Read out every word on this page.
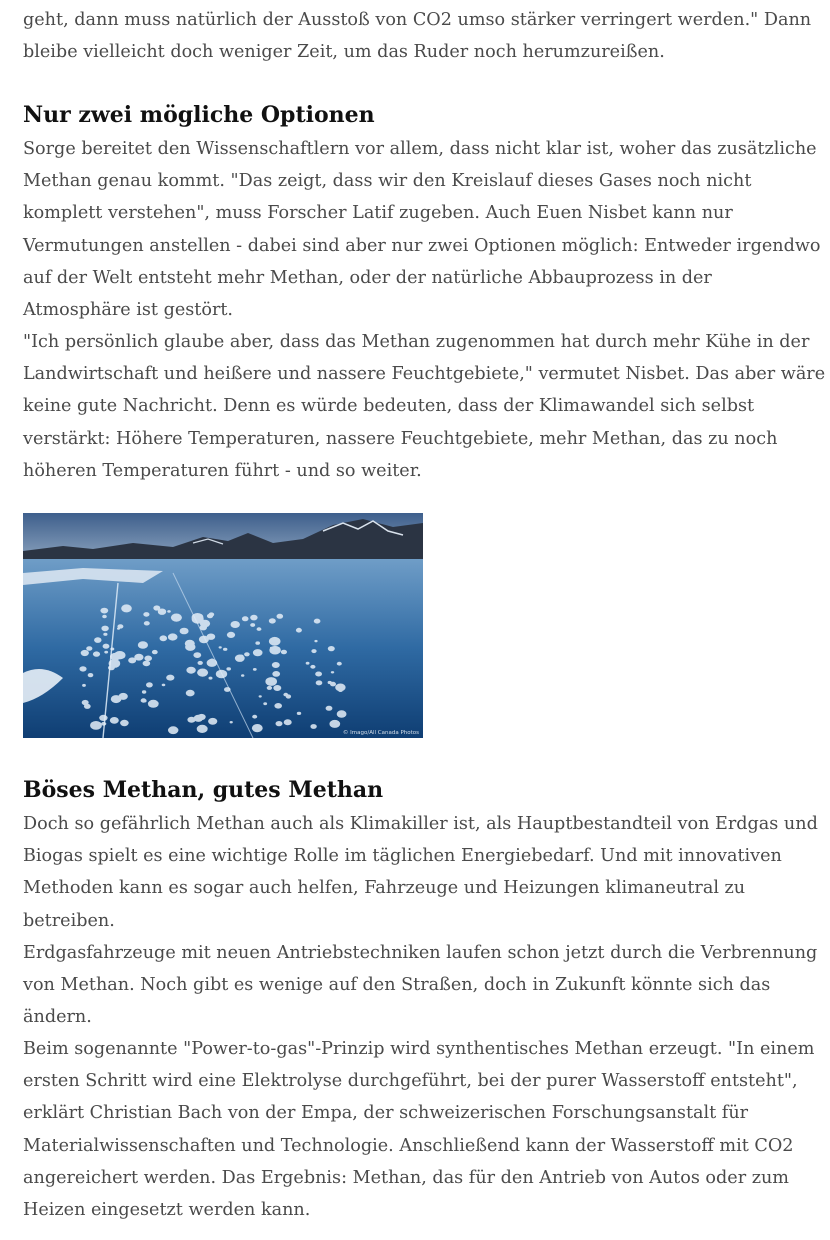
geht, dann muss natürlich der Ausstoß von CO2 umso stärker verringert werden." Dann
bleibe vielleicht doch weniger Zeit, um das Ruder noch herumzureißen.

Nur zwei mögliche Optionen

Sorge bereitet den Wissenschaftlern vor allem, dass nicht klar ist, woher das zusätzliche
Methan genau kommt. "Das zeigt, dass wir den Kreislauf dieses Gases noch nicht
komplett verstehen", muss Forscher Latif zugeben. Auch Euen Nisbet kann nur
Vermutungen anstellen - dabei sind aber nur zwei Optionen möglich: Entweder irgendwo
auf der Welt entsteht mehr Methan, oder der natürliche Abbauprozess in der
Atmosphäre ist gestört.

"Ich persönlich glaube aber, dass das Methan zugenommen hat durch mehr Kühe in der
Landwirtschaft und heißere und nassere Feuchtgebiete," vermutet Nisbet. Das aber wäre
keine gute Nachricht. Denn es würde bedeuten, dass der Klimawandel sich selbst
verstärkt: Höhere Temperaturen, nassere Feuchtgebiete, mehr Methan, das zu noch
höheren Temperaturen führt - und so weiter.

© Imago/All Canada Photos
Böses Methan, gutes Methan

Doch so gefährlich Methan auch als Klimakiller ist, als Hauptbestandteil von Erdgas und
Biogas spielt es eine wichtige Rolle im täglichen Energiebedarf. Und mit innovativen
Methoden kann es sogar auch helfen, Fahrzeuge und Heizungen klimaneutral zu
betreiben.

Erdgasfahrzeuge mit neuen Antriebstechniken laufen schon jetzt durch die Verbrennung
von Methan. Noch gibt es wenige auf den Straßen, doch in Zukunft könnte sich das
ändern.

Beim sogenannte "Power-to-gas"-Prinzip wird synthentisches Methan erzeugt. "In einem
ersten Schritt wird eine Elektrolyse durchgeführt, bei der purer Wasserstoff entsteht",
erklärt Christian Bach von der Empa, der schweizerischen Forschungsanstalt für
Materialwissenschaften und Technologie. Anschließend kann der Wasserstoff mit CO2
angereichert werden. Das Ergebnis: Methan, das für den Antrieb von Autos oder zum
Heizen eingesetzt werden kann.
